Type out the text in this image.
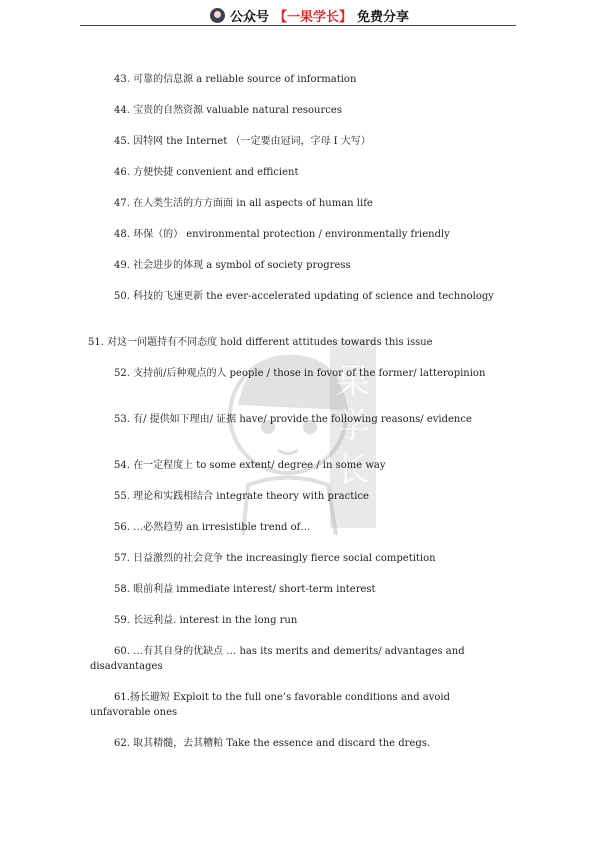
公众号 【一果学长】 免费分享
果学长
43. 可靠的信息源 a reliable source of information
44. 宝贵的自然资源 valuable natural resources
45. 因特网 the Internet （一定要由冠词，字母 I 大写）
46. 方便快捷 convenient and efficient
47. 在人类生活的方方面面 in all aspects of human life
48. 环保（的） environmental protection / environmentally friendly
49. 社会进步的体现 a symbol of society progress
50. 科技的飞速更新 the ever-accelerated updating of science and technology
51. 对这一问题持有不同态度 hold different attitudes towards this issue
52. 支持前/后种观点的人 people / those in fovor of the former/ latteropinion
53. 有/ 提供如下理由/ 证据 have/ provide the following reasons/ evidence
54. 在一定程度上 to some extent/ degree / in some way
55. 理论和实践相结合 integrate theory with practice
56. …必然趋势 an irresistible trend of…
57. 日益激烈的社会竞争 the increasingly fierce social competition
58. 眼前利益 immediate interest/ short-term interest
59. 长远利益. interest in the long run
60. …有其自身的优缺点 … has its merits and demerits/ advantages and disadvantages
61.扬长避短 Exploit to the full one’s favorable conditions and avoid unfavorable ones
62. 取其精髓，去其糟粕 Take the essence and discard the dregs.
